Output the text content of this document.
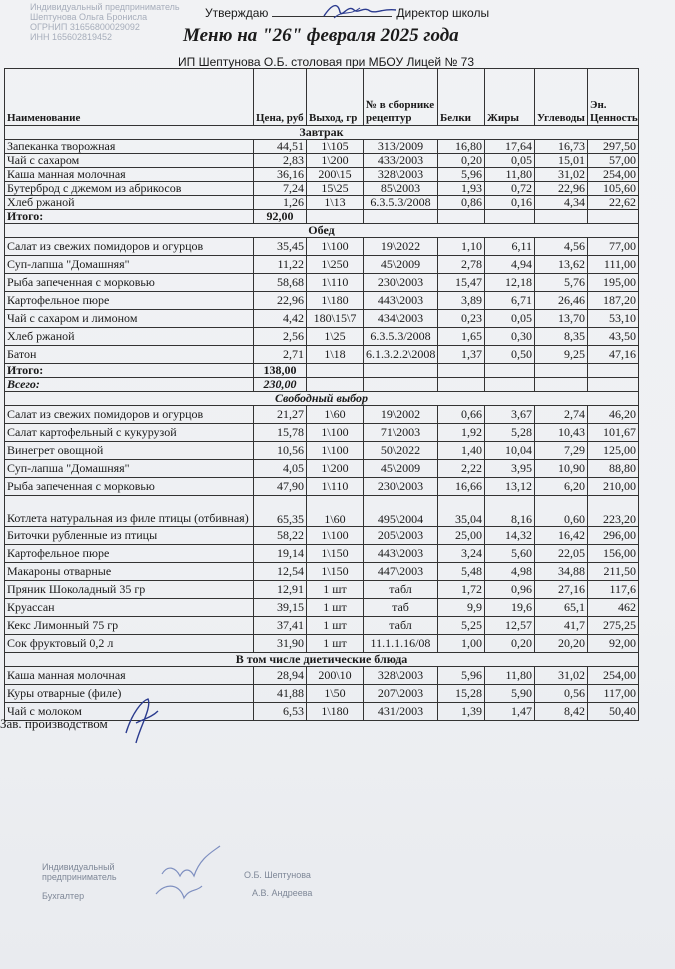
Индивидуальный предприниматель
Шептунова Ольга Бронисла
ОГРНИП 31656800029092
ИНН 165602819452
Утверждаю	Директор школы
Меню на "26" февраля 2025 года
ИП Шептунова О.Б. столовая при МБОУ Лицей № 73
Наименование	Цена, руб	Выход, гр	№ в сборнике рецептур	Белки	Жиры	Углеводы	Эн. Ценность
Завтрак							
Запеканка творожная	44,51	1\105	313/2009	16,80	17,64	16,73	297,50
Чай с сахаром	2,83	1\200	433/2003	0,20	0,05	15,01	57,00
Каша манная молочная	36,16	200\15	328\2003	5,96	11,80	31,02	254,00
Бутерброд с джемом из абрикосов	7,24	15\25	85\2003	1,93	0,72	22,96	105,60
Хлеб ржаной	1,26	1\13	6.3.5.3/2008	0,86	0,16	4,34	22,62
Итого:	92,00						
Обед							
Салат из свежих помидоров и огурцов	35,45	1\100	19\2022	1,10	6,11	4,56	77,00
Суп-лапша "Домашняя"	11,22	1\250	45\2009	2,78	4,94	13,62	111,00
Рыба запеченная с морковью	58,68	1\110	230\2003	15,47	12,18	5,76	195,00
Картофельное пюре	22,96	1\180	443\2003	3,89	6,71	26,46	187,20
Чай с сахаром и лимоном	4,42	180\15\7	434\2003	0,23	0,05	13,70	53,10
Хлеб ржаной	2,56	1\25	6.3.5.3/2008	1,65	0,30	8,35	43,50
Батон	2,71	1\18	6.1.3.2.2\2008	1,37	0,50	9,25	47,16
Итого:	138,00						
Всего:	230,00						
Свободный выбор							
Салат из свежих помидоров и огурцов	21,27	1\60	19\2002	0,66	3,67	2,74	46,20
Салат картофельный с кукурузой	15,78	1\100	71\2003	1,92	5,28	10,43	101,67
Винегрет овощной	10,56	1\100	50\2022	1,40	10,04	7,29	125,00
Суп-лапша "Домашняя"	4,05	1\200	45\2009	2,22	3,95	10,90	88,80
Рыба запеченная с морковью	47,90	1\110	230\2003	16,66	13,12	6,20	210,00
Котлета натуральная из филе птицы (отбивная)	65,35	1\60	495\2004	35,04	8,16	0,60	223,20
Биточки рубленные из птицы	58,22	1\100	205\2003	25,00	14,32	16,42	296,00
Картофельное пюре	19,14	1\150	443\2003	3,24	5,60	22,05	156,00
Макароны отварные	12,54	1\150	447\2003	5,48	4,98	34,88	211,50
Пряник Шоколадный 35 гр	12,91	1 шт	табл	1,72	0,96	27,16	117,6
Круассан	39,15	1 шт	таб	9,9	19,6	65,1	462
Кекс Лимонный 75 гр	37,41	1 шт	табл	5,25	12,57	41,7	275,25
Сок фруктовый 0,2 л	31,90	1 шт	11.1.1.16/08	1,00	0,20	20,20	92,00
В том числе диетические блюда							
Каша манная молочная	28,94	200\10	328\2003	5,96	11,80	31,02	254,00
Куры отварные (филе)	41,88	1\50	207\2003	15,28	5,90	0,56	117,00
Чай с молоком	6,53	1\180	431/2003	1,39	1,47	8,42	50,40
Зав. производством
Индивидуальный предприниматель	О.Б. Шептунова
Бухгалтер	А.В. Андреева
